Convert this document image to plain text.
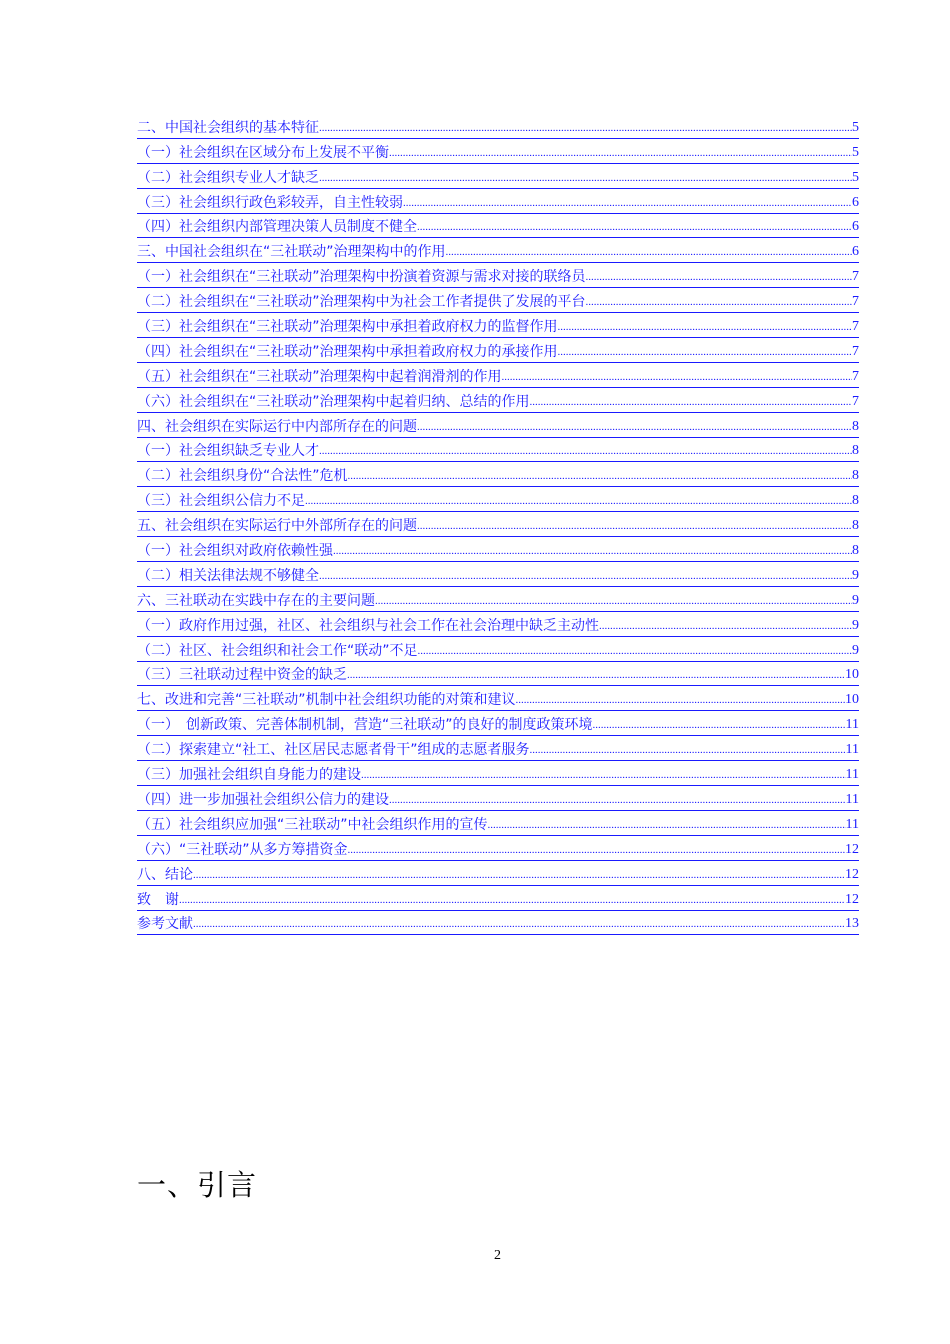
二、中国社会组织的基本特征 .....	5
（一）社会组织在区域分布上发展不平衡 .....	5
（二）社会组织专业人才缺乏 .....	5
（三）社会组织行政色彩较弄，自主性较弱 .....	6
（四）社会组织内部管理决策人员制度不健全 .....	6
三、中国社会组织在“三社联动”治理架构中的作用 .....	6
（一）社会组织在“三社联动”治理架构中扮演着资源与需求对接的联络员 .....	7
（二）社会组织在“三社联动”治理架构中为社会工作者提供了发展的平台 .....	7
（三）社会组织在“三社联动”治理架构中承担着政府权力的监督作用 .....	7
（四）社会组织在“三社联动”治理架构中承担着政府权力的承接作用 .....	7
（五）社会组织在“三社联动”治理架构中起着润滑剂的作用 .....	7
（六）社会组织在“三社联动”治理架构中起着归纳、总结的作用 .....	7
四、社会组织在实际运行中内部所存在的问题 .....	8
（一）社会组织缺乏专业人才 .....	8
（二）社会组织身份“合法性”危机 .....	8
（三）社会组织公信力不足 .....	8
五、社会组织在实际运行中外部所存在的问题 .....	8
（一）社会组织对政府依赖性强 .....	8
（二）相关法律法规不够健全 .....	9
六、三社联动在实践中存在的主要问题 .....	9
（一）政府作用过强，社区、社会组织与社会工作在社会治理中缺乏主动性 .....	9
（二）社区、社会组织和社会工作“联动”不足 .....	9
（三）三社联动过程中资金的缺乏 .....	10
七、改进和完善“三社联动”机制中社会组织功能的对策和建议 .....	10
（一）　创新政策、完善体制机制，营造“三社联动”的良好的制度政策环境 .....	11
（二）探索建立“社工、社区居民志愿者骨干”组成的志愿者服务 .....	11
（三）加强社会组织自身能力的建设 .....	11
（四）进一步加强社会组织公信力的建设 .....	11
（五）社会组织应加强“三社联动”中社会组织作用的宣传 .....	11
（六）“三社联动”从多方筹措资金 .....	12
八、结论 .....	12
致　谢 .....	12
参考文献 .....	13
一、引言
2
